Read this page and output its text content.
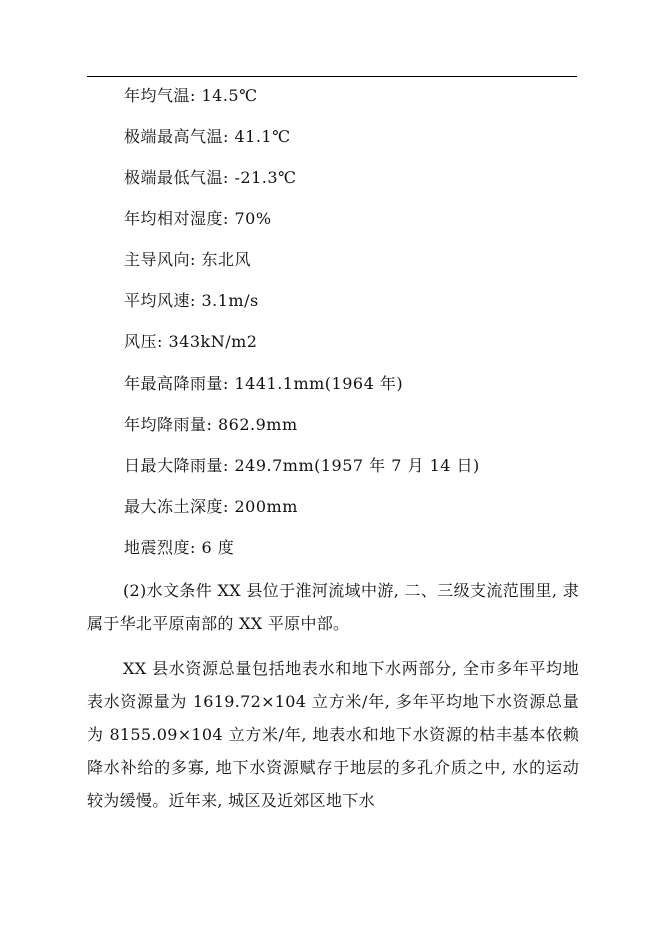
年均气温: 14.5℃
极端最高气温: 41.1℃
极端最低气温: -21.3℃
年均相对湿度: 70%
主导风向: 东北风
平均风速: 3.1m/s
风压: 343kN/m2
年最高降雨量: 1441.1mm(1964 年)
年均降雨量: 862.9mm
日最大降雨量: 249.7mm(1957 年 7 月 14 日)
最大冻土深度: 200mm
地震烈度: 6 度
(2)水文条件 XX 县位于淮河流域中游, 二、三级支流范围里, 隶属于华北平原南部的 XX 平原中部。
XX 县水资源总量包括地表水和地下水两部分, 全市多年平均地表水资源量为 1619.72×104 立方米/年, 多年平均地下水资源总量为 8155.09×104 立方米/年, 地表水和地下水资源的枯丰基本依赖降水补给的多寡, 地下水资源赋存于地层的多孔介质之中, 水的运动较为缓慢。近年来, 城区及近郊区地下水
